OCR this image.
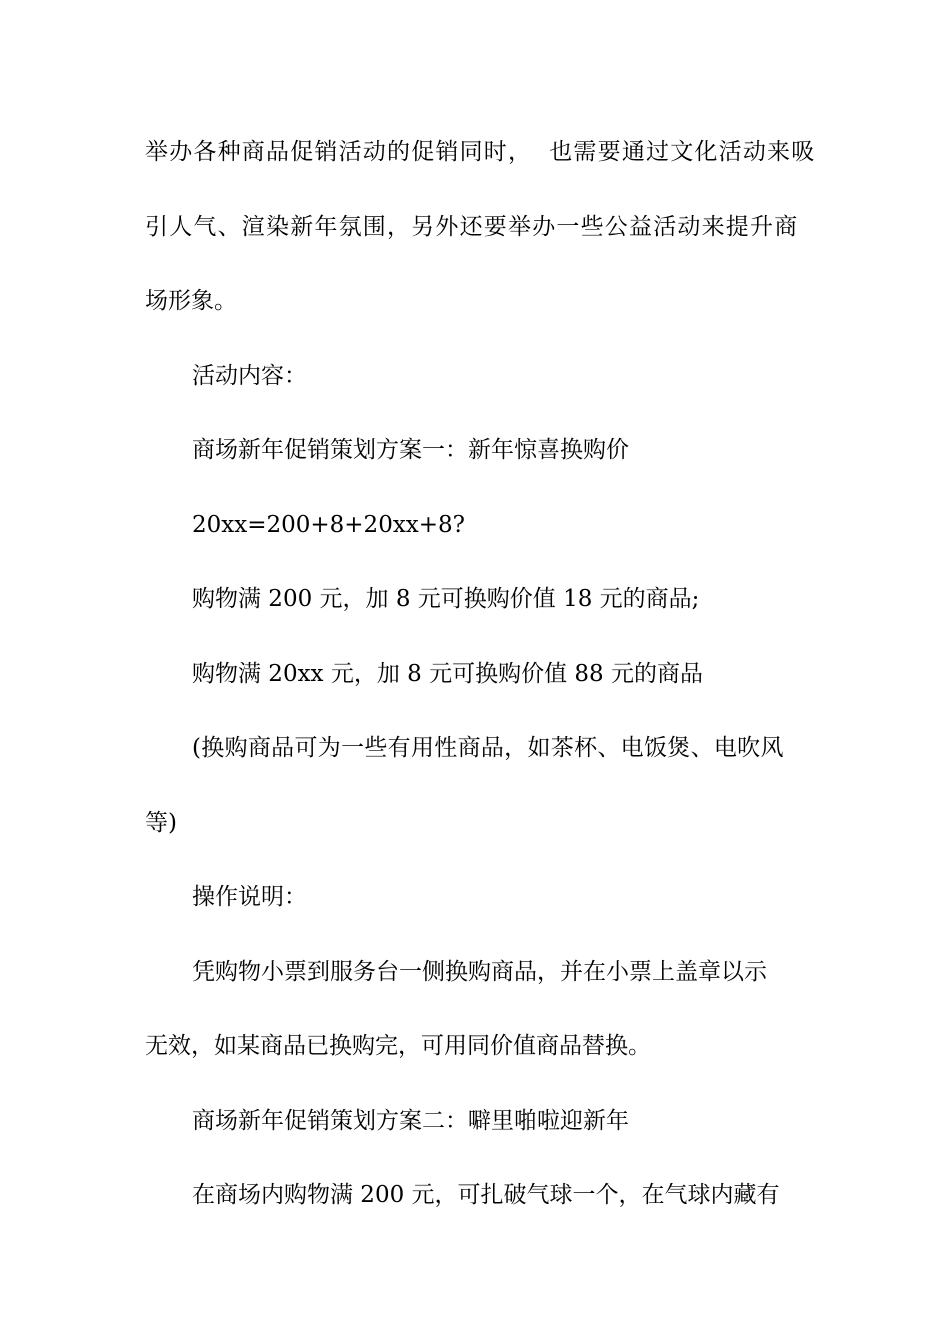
举办各种商品促销活动的促销同时，  也需要通过文化活动来吸
引人气、渲染新年氛围，另外还要举办一些公益活动来提升商
场形象。
活动内容：
商场新年促销策划方案一：新年惊喜换购价
20xx=200+8+20xx+8?
购物满 200 元，加 8 元可换购价值 18 元的商品;
购物满 20xx 元，加 8 元可换购价值 88 元的商品
(换购商品可为一些有用性商品，如茶杯、电饭煲、电吹风
等)
操作说明：
凭购物小票到服务台一侧换购商品，并在小票上盖章以示
无效，如某商品已换购完，可用同价值商品替换。
商场新年促销策划方案二：噼里啪啦迎新年
在商场内购物满 200 元，可扎破气球一个，在气球内藏有
